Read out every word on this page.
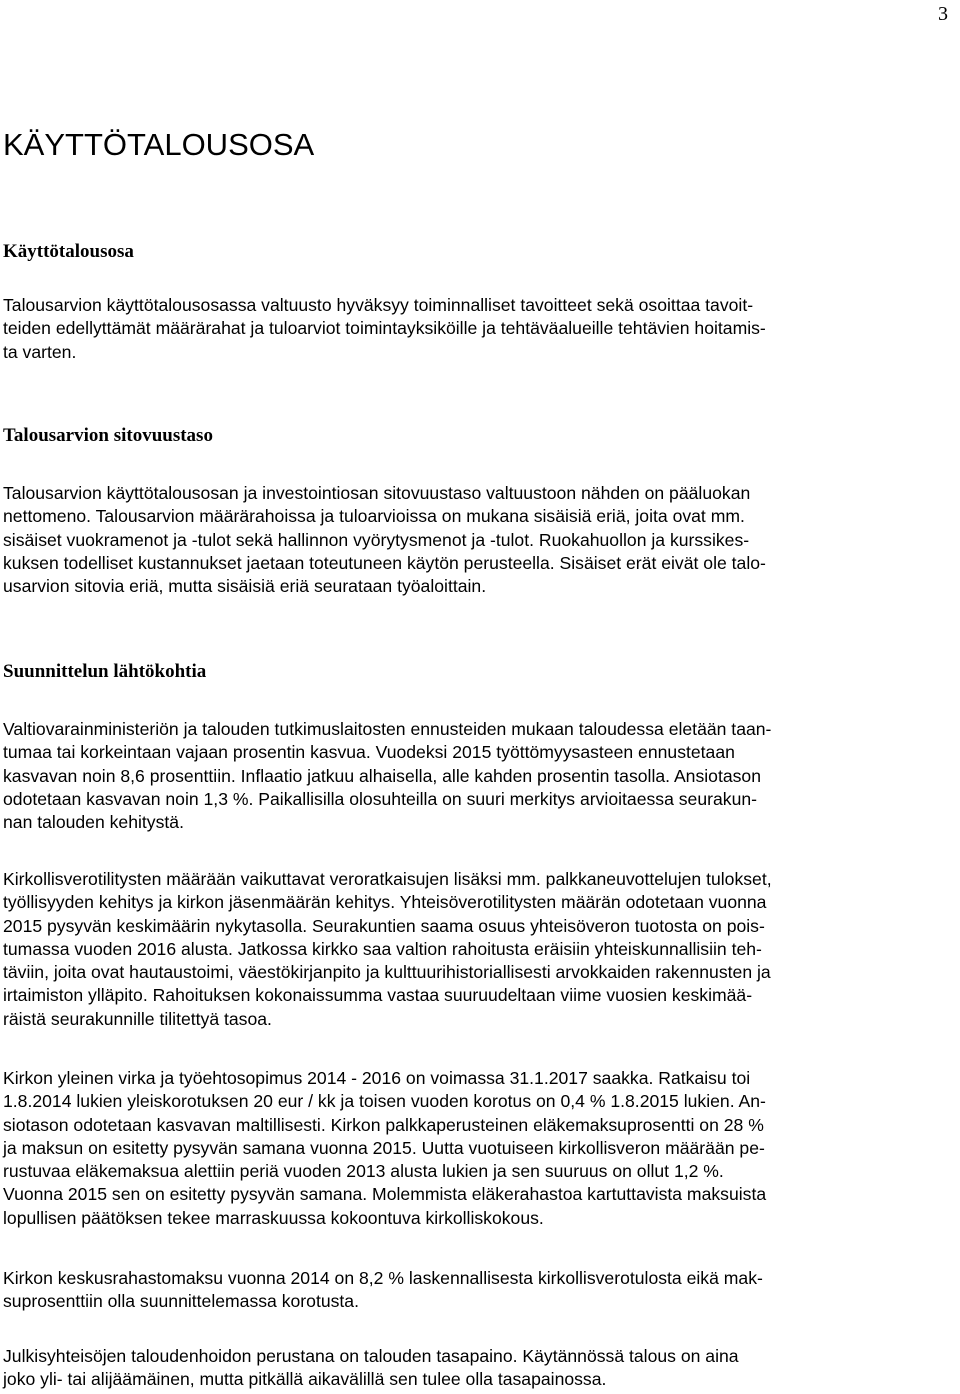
3
KÄYTTÖTALOUSOSA
Käyttötalousosa
Talousarvion käyttötalousosassa valtuusto hyväksyy toiminnalliset tavoitteet sekä osoittaa tavoit-
teiden edellyttämät määrärahat ja tuloarviot toimintayksiköille ja tehtäväalueille tehtävien hoitamis-
ta varten.
Talousarvion sitovuustaso
Talousarvion käyttötalousosan ja investointiosan sitovuustaso valtuustoon nähden on pääluokan
nettomeno. Talousarvion määrärahoissa ja tuloarvioissa on mukana sisäisiä eriä, joita ovat mm.
sisäiset vuokramenot ja -tulot sekä hallinnon vyörytysmenot ja -tulot. Ruokahuollon ja kurssikes-
kuksen todelliset kustannukset jaetaan toteutuneen käytön perusteella. Sisäiset erät eivät ole talo-
usarvion sitovia eriä, mutta sisäisiä eriä seurataan työaloittain.
Suunnittelun lähtökohtia
Valtiovarainministeriön ja talouden tutkimuslaitosten ennusteiden mukaan taloudessa eletään taan-
tumaa tai korkeintaan vajaan prosentin kasvua. Vuodeksi 2015 työttömyysasteen ennustetaan
kasvavan noin 8,6 prosenttiin. Inflaatio jatkuu alhaisella, alle kahden prosentin tasolla. Ansiotason
odotetaan kasvavan noin 1,3 %. Paikallisilla olosuhteilla on suuri merkitys arvioitaessa seurakun-
nan talouden kehitystä.
Kirkollisverotilitysten määrään vaikuttavat veroratkaisujen lisäksi mm. palkkaneuvottelujen tulokset,
työllisyyden kehitys ja kirkon jäsenmäärän kehitys. Yhteisöverotilitysten määrän odotetaan vuonna
2015 pysyvän keskimäärin nykytasolla. Seurakuntien saama osuus yhteisöveron tuotosta on pois-
tumassa vuoden 2016 alusta. Jatkossa kirkko saa valtion rahoitusta eräisiin yhteiskunnallisiin teh-
täviin, joita ovat hautaustoimi, väestökirjanpito ja kulttuurihistoriallisesti arvokkaiden rakennusten ja
irtaimiston ylläpito. Rahoituksen kokonaissumma vastaa suuruudeltaan viime vuosien keskimää-
räistä seurakunnille tilitettyä tasoa.
Kirkon yleinen virka ja työehtosopimus 2014 - 2016 on voimassa 31.1.2017 saakka. Ratkaisu toi
1.8.2014 lukien yleiskorotuksen 20 eur / kk ja toisen vuoden korotus on 0,4 % 1.8.2015 lukien. An-
siotason odotetaan kasvavan maltillisesti. Kirkon palkkaperusteinen eläkemaksuprosentti on 28 %
ja maksun on esitetty pysyvän samana vuonna 2015. Uutta vuotuiseen kirkollisveron määrään pe-
rustuvaa eläkemaksua alettiin periä vuoden 2013 alusta lukien ja sen suuruus on ollut 1,2 %.
Vuonna 2015 sen on esitetty pysyvän samana. Molemmista eläkerahastoa kartuttavista maksuista
lopullisen päätöksen tekee marraskuussa kokoontuva kirkolliskokous.
Kirkon keskusrahastomaksu vuonna 2014 on 8,2 % laskennallisesta kirkollisverotulosta eikä mak-
suprosenttiin olla suunnittelemassa korotusta.
Julkisyhteisöjen taloudenhoidon perustana on talouden tasapaino. Käytännössä talous on aina
joko yli- tai alijäämäinen, mutta pitkällä aikavälillä sen tulee olla tasapainossa.
